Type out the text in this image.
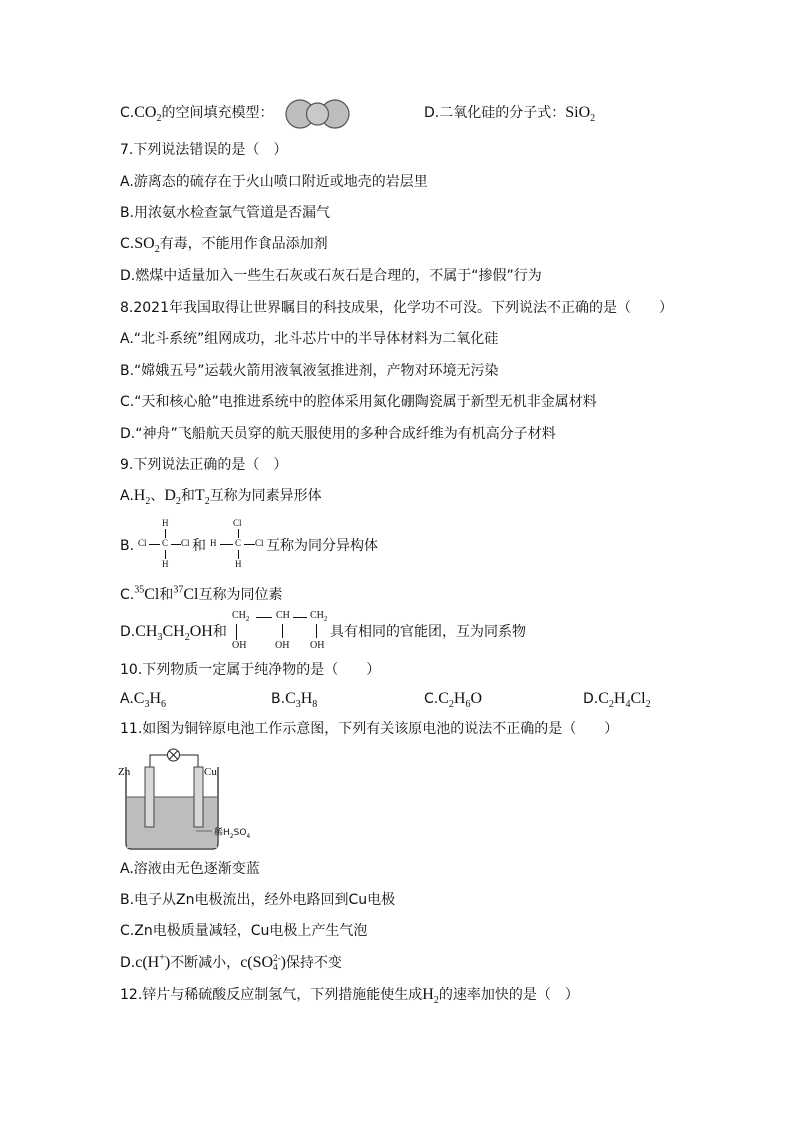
$C.CO_2$的空间填充模型：	D.二氧化硅的分子式：SiO$_2$
7.下列说法错误的是（　）
A.游离态的硫存在于火山喷口附近或地壳的岩层里
B.用浓氨水检查氯气管道是否漏气
$C.SO_2$有毒，不能用作食品添加剂
D.燃煤中适量加入一些生石灰或石灰石是合理的，不属于“掺假”行为
8.2021年我国取得让世界瞩目的科技成果，化学功不可没。下列说法不正确的是（　　）
A.“北斗系统”组网成功，北斗芯片中的半导体材料为二氧化硅
B.“嫦娥五号”运载火箭用液氧液氢推进剂，产物对环境无污染
C.“天和核心舱”电推进系统中的腔体采用氮化硼陶瓷属于新型无机非金属材料
D.“神舟”飞船航天员穿的航天服使用的多种合成纤维为有机高分子材料
9.下列说法正确的是（　）
$A.H_2$、$D_2$和$T_2$互称为同素异形体
B.
H
Cl C Cl
H
和
Cl
H C Cl
H
互称为同分异构体
C.$^{35}$Cl和$^{37}$Cl互称为同位素
$D.CH_3CH_2OH$和
$CH_2$	CH $CH_2$
OH	OH OH
具有相同的官能团，互为同系物
10.下列物质一定属于纯净物的是（　　）
$A.C_3H_6$	$B.C_3H_8$	$C.C_2H_6O$	$D.C_2H_4Cl_2$
11.如图为铜锌原电池工作示意图，下列有关该原电池的说法不正确的是（　　）
Zn	Cu
稀$H_2SO_4$
A.溶液由无色逐渐变蓝
B.电子从Zn电极流出，经外电路回到Cu电极
C.Zn电极质量减轻，Cu电极上产生气泡
D.c(H+)不断减小，c(SO 2-
4 )保持不变
12.锌片与稀硫酸反应制氢气，下列措施能使生成$H_2$的速率加快的是（　）
